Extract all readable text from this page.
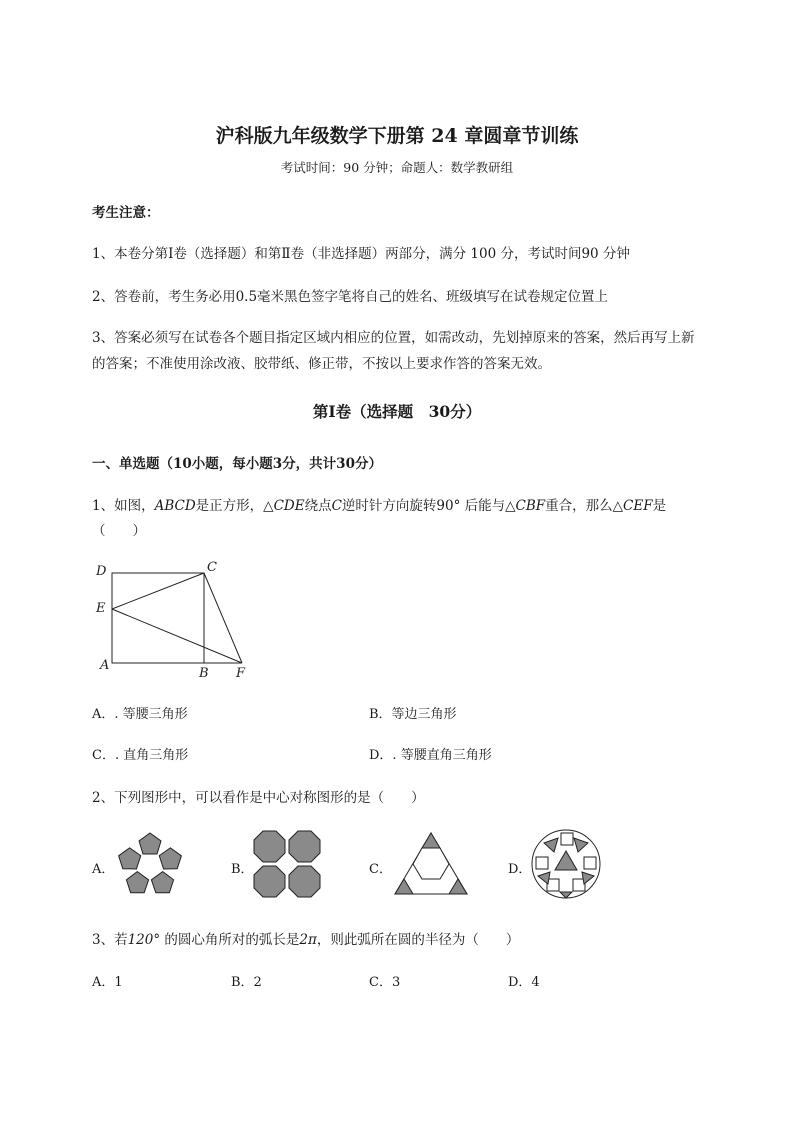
沪科版九年级数学下册第 24 章圆章节训练
考试时间：90 分钟；命题人：数学教研组
考生注意：
1、本卷分第Ⅰ卷（选择题）和第Ⅱ卷（非选择题）两部分，满分 100 分，考试时间90 分钟
2、答卷前，考生务必用0.5毫米黑色签字笔将自己的姓名、班级填写在试卷规定位置上
3、答案必须写在试卷各个题目指定区域内相应的位置，如需改动，先划掉原来的答案，然后再写上新
的答案；不准使用涂改液、胶带纸、修正带，不按以上要求作答的答案无效。
第Ⅰ卷（选择题　30分）
一、单选题（10小题，每小题3分，共计30分）
1、如图，ABCD是正方形，△CDE绕点C逆时针方向旋转90° 后能与△CBF重合，那么△CEF是
（　　）
D	C
E
A
B F
A．. 等腰三角形	B．等边三角形
C．. 直角三角形	D．. 等腰直角三角形
2、下列图形中，可以看作是中心对称图形的是（　　）
A．	B．	C．	D．
3、若120° 的圆心角所对的弧长是2π，则此弧所在圆的半径为（　　）
A．1	B．2	C．3	D．4
